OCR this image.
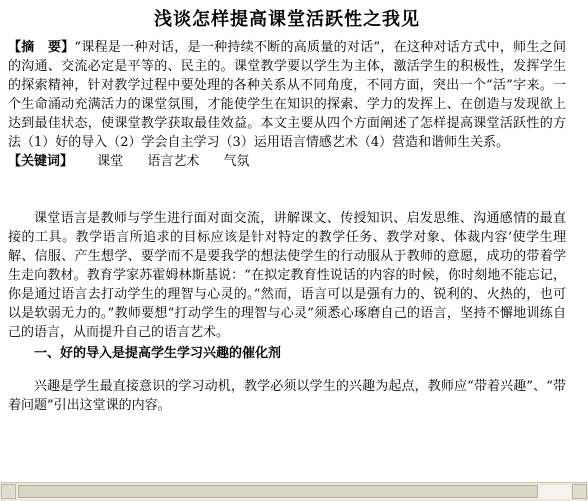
浅谈怎样提高课堂活跃性之我见

【摘　要】“课程是一种对话，是一种持续不断的高质量的对话”，在这种对话方式中，师生之间的沟通、交流必定是平等的、民主的。课堂教学要以学生为主体，激活学生的积极性，发挥学生的探索精神，针对教学过程中要处理的各种关系从不同角度，不同方面，突出一个“活”字来。一个生命涌动充满活力的课堂氛围，才能使学生在知识的探索、学力的发挥上、在创造与发现欲上达到最佳状态，使课堂教学获取最佳效益。本文主要从四个方面阐述了怎样提高课堂活跃性的方法（1）好的导入（2）学会自主学习（3）运用语言情感艺术（4）营造和谐师生关系。

【关键词】 课堂 语言艺术 气氛

课堂语言是教师与学生进行面对面交流，讲解课文、传授知识、启发思维、沟通感情的最直接的工具。教学语言所追求的目标应该是针对特定的教学任务、教学对象、体裁内容‘使学生理解、信服、产生想学、要学而不是要我学的想法使学生的行动服从于教师的意愿，成功的带着学生走向教材。教育学家苏霍姆林斯基说：“在拟定教育性说话的内容的时候，你时刻地不能忘记，你是通过语言去打动学生的理智与心灵的。”然而，语言可以是强有力的、锐利的、火热的，也可以是软弱无力的。”教师要想“打动学生的理智与心灵”须悉心琢磨自己的语言，坚持不懈地训练自己的语言，从而提升自己的语言艺术。

一、好的导入是提高学生学习兴趣的催化剂

兴趣是学生最直接意识的学习动机，教学必须以学生的兴趣为起点，教师应“带着兴趣”、“带着问题”引出这堂课的内容。
